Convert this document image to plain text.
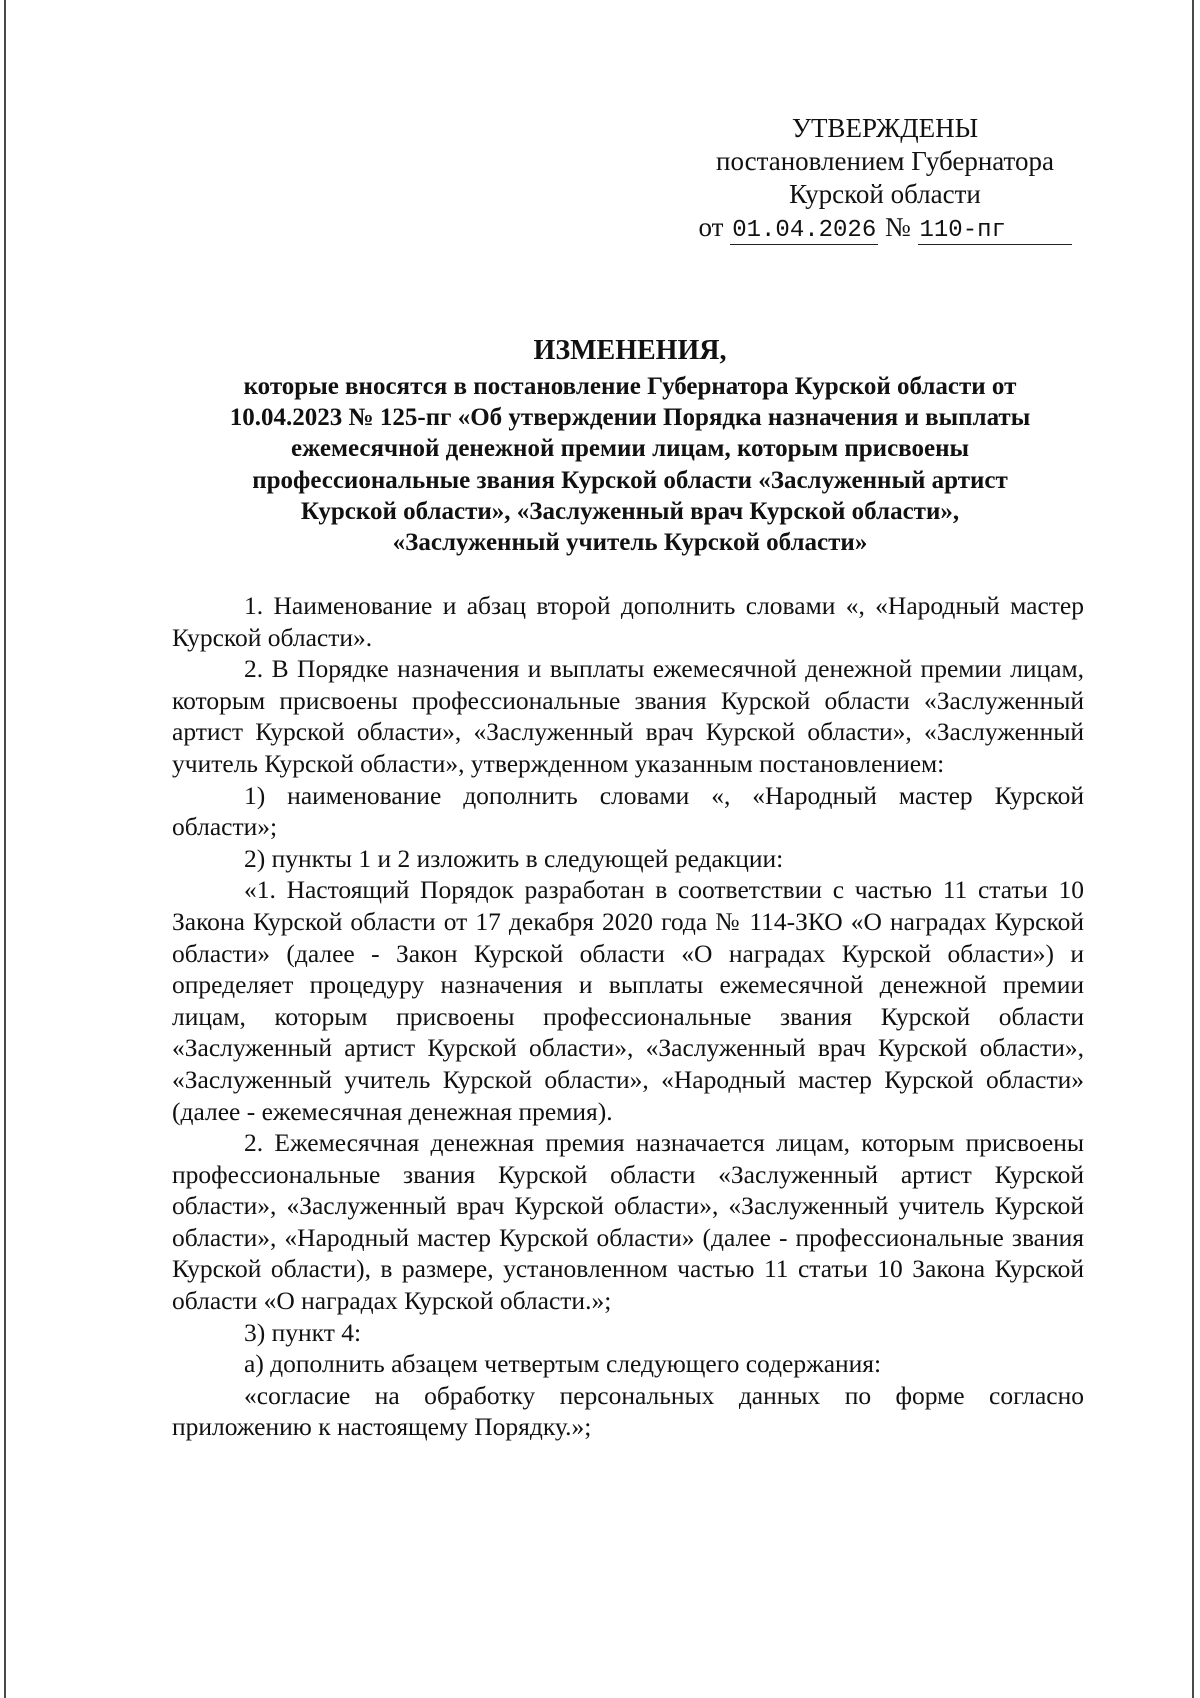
УТВЕРЖДЕНЫ
постановлением Губернатора
Курской области
от 01.04.2026 № 110-пг
ИЗМЕНЕНИЯ,
которые вносятся в постановление Губернатора Курской области от
10.04.2023 № 125-пг «Об утверждении Порядка назначения и выплаты
ежемесячной денежной премии лицам, которым присвоены
профессиональные звания Курской области «Заслуженный артист
Курской области», «Заслуженный врач Курской области»,
«Заслуженный учитель Курской области»

1. Наименование и абзац второй дополнить словами «, «Народный мастер Курской области».

2. В Порядке назначения и выплаты ежемесячной денежной премии лицам, которым присвоены профессиональные звания Курской области «Заслуженный артист Курской области», «Заслуженный врач Курской области», «Заслуженный учитель Курской области», утвержденном указанным постановлением:

1) наименование дополнить словами «, «Народный мастер Курской области»;

2) пункты 1 и 2 изложить в следующей редакции:

«1. Настоящий Порядок разработан в соответствии с частью 11 статьи 10 Закона Курской области от 17 декабря 2020 года № 114-ЗКО «О наградах Курской области» (далее - Закон Курской области «О наградах Курской области») и определяет процедуру назначения и выплаты ежемесячной денежной премии лицам, которым присвоены профессиональные звания Курской области «Заслуженный артист Курской области», «Заслуженный врач Курской области», «Заслуженный учитель Курской области», «Народный мастер Курской области» (далее - ежемесячная денежная премия).

2. Ежемесячная денежная премия назначается лицам, которым присвоены профессиональные звания Курской области «Заслуженный артист Курской области», «Заслуженный врач Курской области», «Заслуженный учитель Курской области», «Народный мастер Курской области» (далее - профессиональные звания Курской области), в размере, установленном частью 11 статьи 10 Закона Курской области «О наградах Курской области.»;

3) пункт 4:

а) дополнить абзацем четвертым следующего содержания:

«согласие на обработку персональных данных по форме согласно приложению к настоящему Порядку.»;
